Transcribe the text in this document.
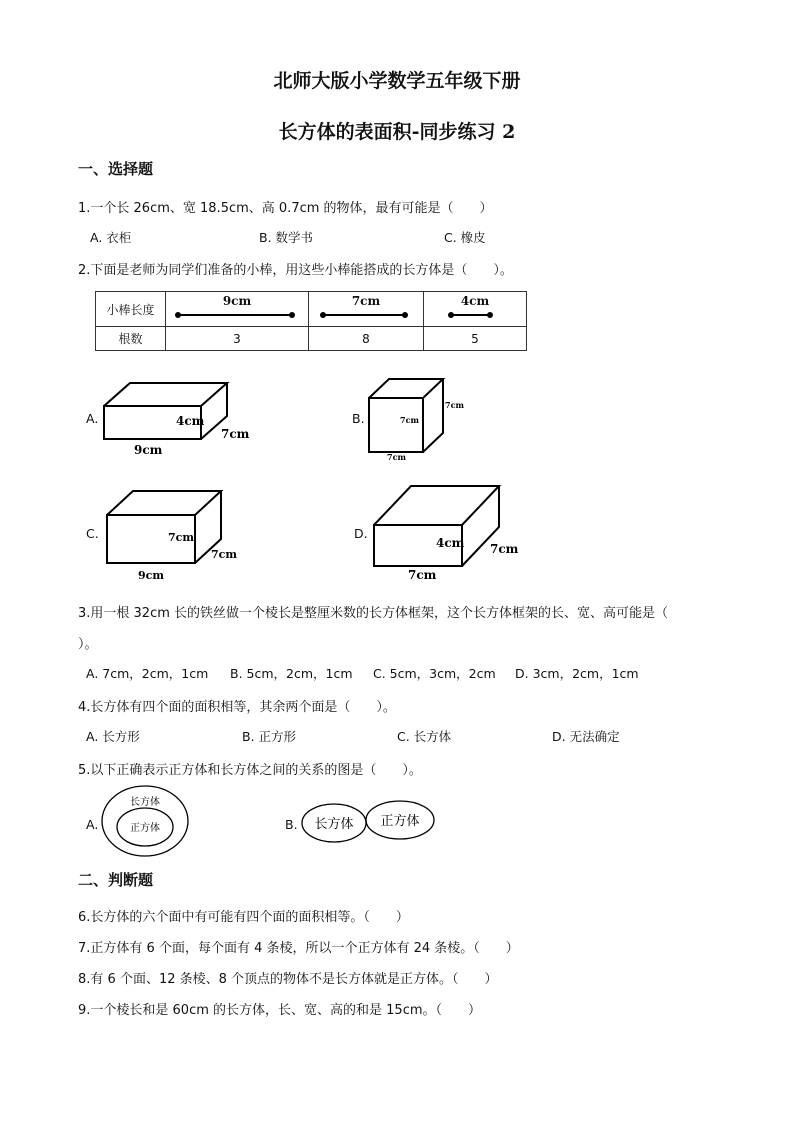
北师大版小学数学五年级下册
长方体的表面积-同步练习 2
一、选择题
1.一个长 26cm、宽 18.5cm、高 0.7cm 的物体，最有可能是（　　）
A. 衣柜	B. 数学书	C. 橡皮
2.下面是老师为同学们准备的小棒，用这些小棒能搭成的长方体是（　　）。
小棒长度	9cm	7cm	4cm

根数	3	8	5
A.	4cm
7cm
9cm
B.	7cm
7cm
7cm
C.	7cm
7cm
9cm
D.
4cm 7cm
7cm
3.用一根 32cm 长的铁丝做一个棱长是整厘米数的长方体框架，这个长方体框架的长、宽、高可能是（
）。
A. 7cm，2cm，1cm B. 5cm，2cm，1cm C. 5cm，3cm，2cm D. 3cm，2cm，1cm
4.长方体有四个面的面积相等，其余两个面是（　　）。
A. 长方形	B. 正方形	C. 长方体	D. 无法确定
5.以下正确表示正方体和长方体之间的关系的图是（　　）。
A.
长方体
正方体	B. 长方体 正方体
二、判断题
6.长方体的六个面中有可能有四个面的面积相等。（　　）
7.正方体有 6 个面，每个面有 4 条棱，所以一个正方体有 24 条棱。（　　）
8.有 6 个面、12 条棱、8 个顶点的物体不是长方体就是正方体。（　　）
9.一个棱长和是 60cm 的长方体，长、宽、高的和是 15cm。（　　）
